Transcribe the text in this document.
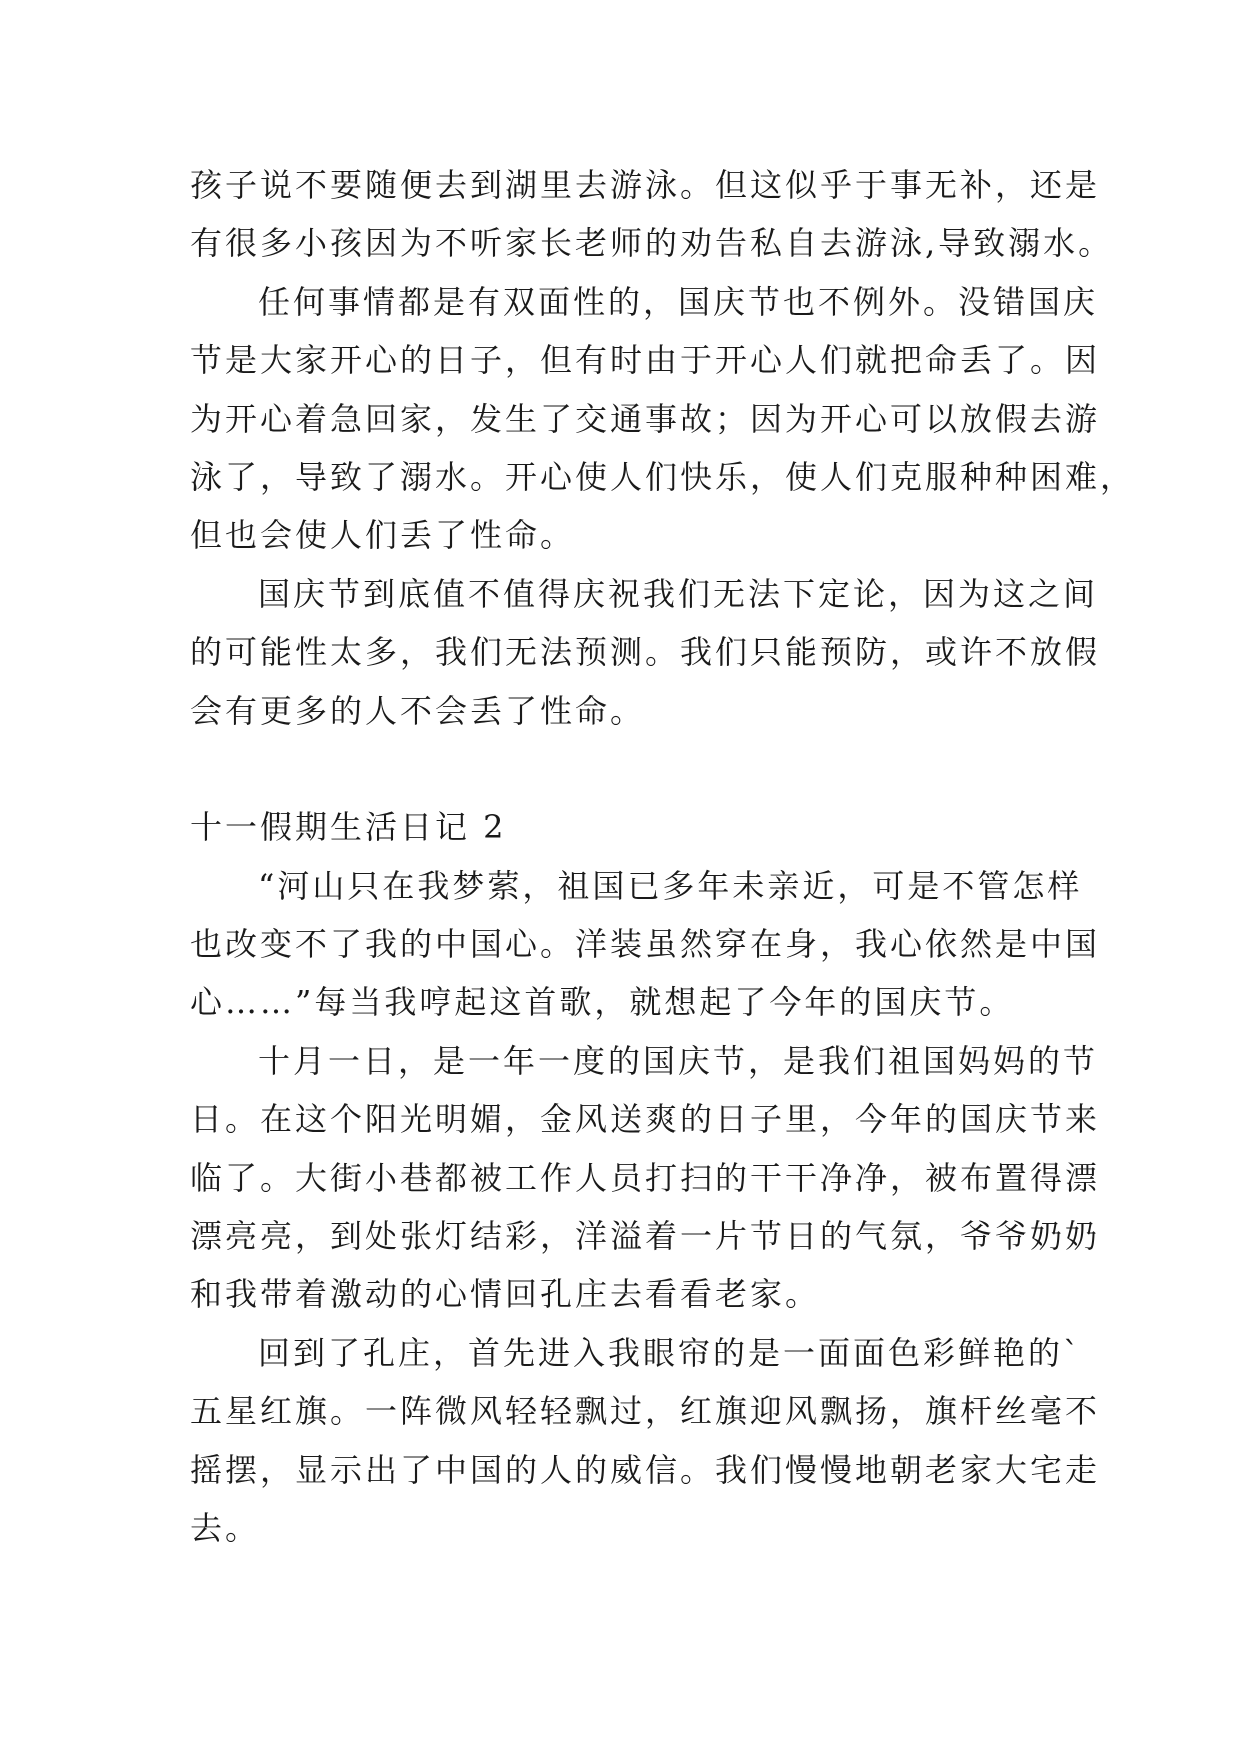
孩子说不要随便去到湖里去游泳。但这似乎于事无补，还是
有很多小孩因为不听家长老师的劝告私自去游泳,导致溺水。
任何事情都是有双面性的，国庆节也不例外。没错国庆
节是大家开心的日子，但有时由于开心人们就把命丢了。因
为开心着急回家，发生了交通事故；因为开心可以放假去游
泳了，导致了溺水。开心使人们快乐，使人们克服种种困难，
但也会使人们丢了性命。
国庆节到底值不值得庆祝我们无法下定论，因为这之间
的可能性太多，我们无法预测。我们只能预防，或许不放假
会有更多的人不会丢了性命。
十一假期生活日记 2
“河山只在我梦萦，祖国已多年未亲近，可是不管怎样
也改变不了我的中国心。洋装虽然穿在身，我心依然是中国
心……”每当我哼起这首歌，就想起了今年的国庆节。
十月一日，是一年一度的国庆节，是我们祖国妈妈的节
日。在这个阳光明媚，金风送爽的日子里，今年的国庆节来
临了。大街小巷都被工作人员打扫的干干净净，被布置得漂
漂亮亮，到处张灯结彩，洋溢着一片节日的气氛，爷爷奶奶
和我带着激动的心情回孔庄去看看老家。
回到了孔庄，首先进入我眼帘的是一面面色彩鲜艳的`
五星红旗。一阵微风轻轻飘过，红旗迎风飘扬，旗杆丝毫不
摇摆，显示出了中国的人的威信。我们慢慢地朝老家大宅走
去。
